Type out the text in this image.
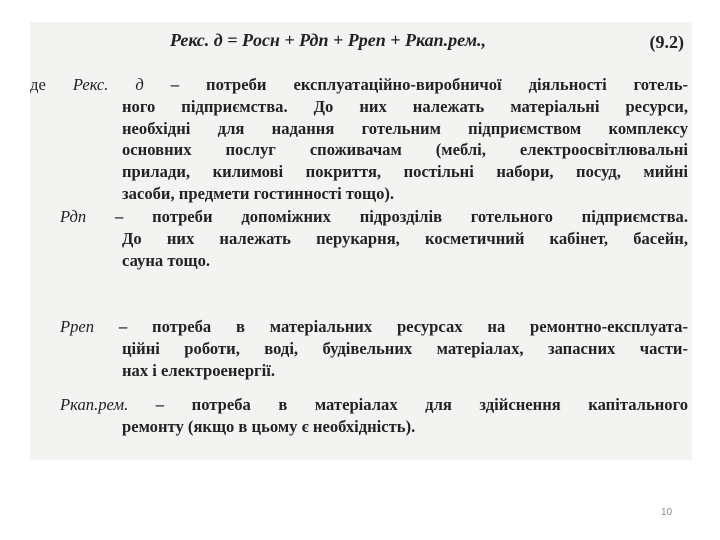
Рекс. д = Рocн + Рдп + Рреп + Ркап.рем.,	(9.2)
де Рекс. д – потреби експлуатаційно-виробничої діяльності готель-
ного підприємства. До них належать матеріальні ресурси,
необхідні для надання готельним підприємством комплексу
основних послуг споживачам (меблі, електроосвітлювальні
прилади, килимові покриття, постільні набори, посуд, мийні
засоби, предмети гостинності тощо).
Рдп – потреби допоміжних підрозділів готельного підприємства.
До них належать перукарня, косметичний кабінет, басейн,
сауна тощо.
Рреп – потреба в матеріальних ресурсах на ремонтно-експлуата-
ційні роботи, воді, будівельних матеріалах, запасних части-
нах і електроенергії.
Ркап.рем. – потреба в матеріалах для здійснення капітального
ремонту (якщо в цьому є необхідність).
10
